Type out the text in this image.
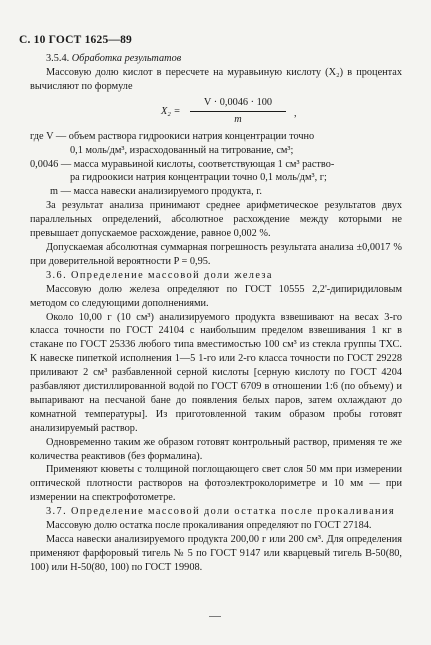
С. 10 ГОСТ 1625—89

3.5.4. Обработка результатов

Массовую долю кислот в пересчете на муравьиную кислоту (X₂) в процентах вычисляют по формуле

$X_2 = \frac{V \cdot 0,0046 \cdot 100}{m}$ ,

где V — объем раствора гидроокиси натрия концентрации точно

0,1 моль/дм³, израсходованный на титрование, см³;

0,0046 — масса муравьиной кислоты, соответствующая 1 см³ раство-

ра гидроокиси натрия концентрации точно 0,1 моль/дм³, г;

m — масса навески анализируемого продукта, г.

За результат анализа принимают среднее арифметическое результатов двух параллельных определений, абсолютное расхождение между которыми не превышает допускаемое расхождение, равное 0,002 %.

Допускаемая абсолютная суммарная погрешность результата анализа ±0,0017 % при доверительной вероятности P = 0,95.

3.6. Определение массовой доли железа

Массовую долю железа определяют по ГОСТ 10555 2,2'-дипиридиловым методом со следующими дополнениями.

Около 10,00 г (10 см³) анализируемого продукта взвешивают на весах 3-го класса точности по ГОСТ 24104 с наибольшим пределом взвешивания 1 кг в стакане по ГОСТ 25336 любого типа вместимостью 100 см³ из стекла группы ТХС. К навеске пипеткой исполнения 1—5 1-го или 2-го класса точности по ГОСТ 29228 приливают 2 см³ разбавленной серной кислоты [серную кислоту по ГОСТ 4204 разбавляют дистиллированной водой по ГОСТ 6709 в отношении 1:6 (по объему) и выпаривают на песчаной бане до появления белых паров, затем охлаждают до комнатной температуры]. Из приготовленной таким образом пробы готовят анализируемый раствор.

Одновременно таким же образом готовят контрольный раствор, применяя те же количества реактивов (без формалина).

Применяют кюветы с толщиной поглощающего свет слоя 50 мм при измерении оптической плотности растворов на фотоэлектроколориметре и 10 мм — при измерении на спектрофотометре.

3.7. Определение массовой доли остатка после прокаливания

Массовую долю остатка после прокаливания определяют по ГОСТ 27184.

Масса навески анализируемого продукта 200,00 г или 200 см³. Для определения применяют фарфоровый тигель № 5 по ГОСТ 9147 или кварцевый тигель В-50(80, 100) или Н-50(80, 100) по ГОСТ 19908.
